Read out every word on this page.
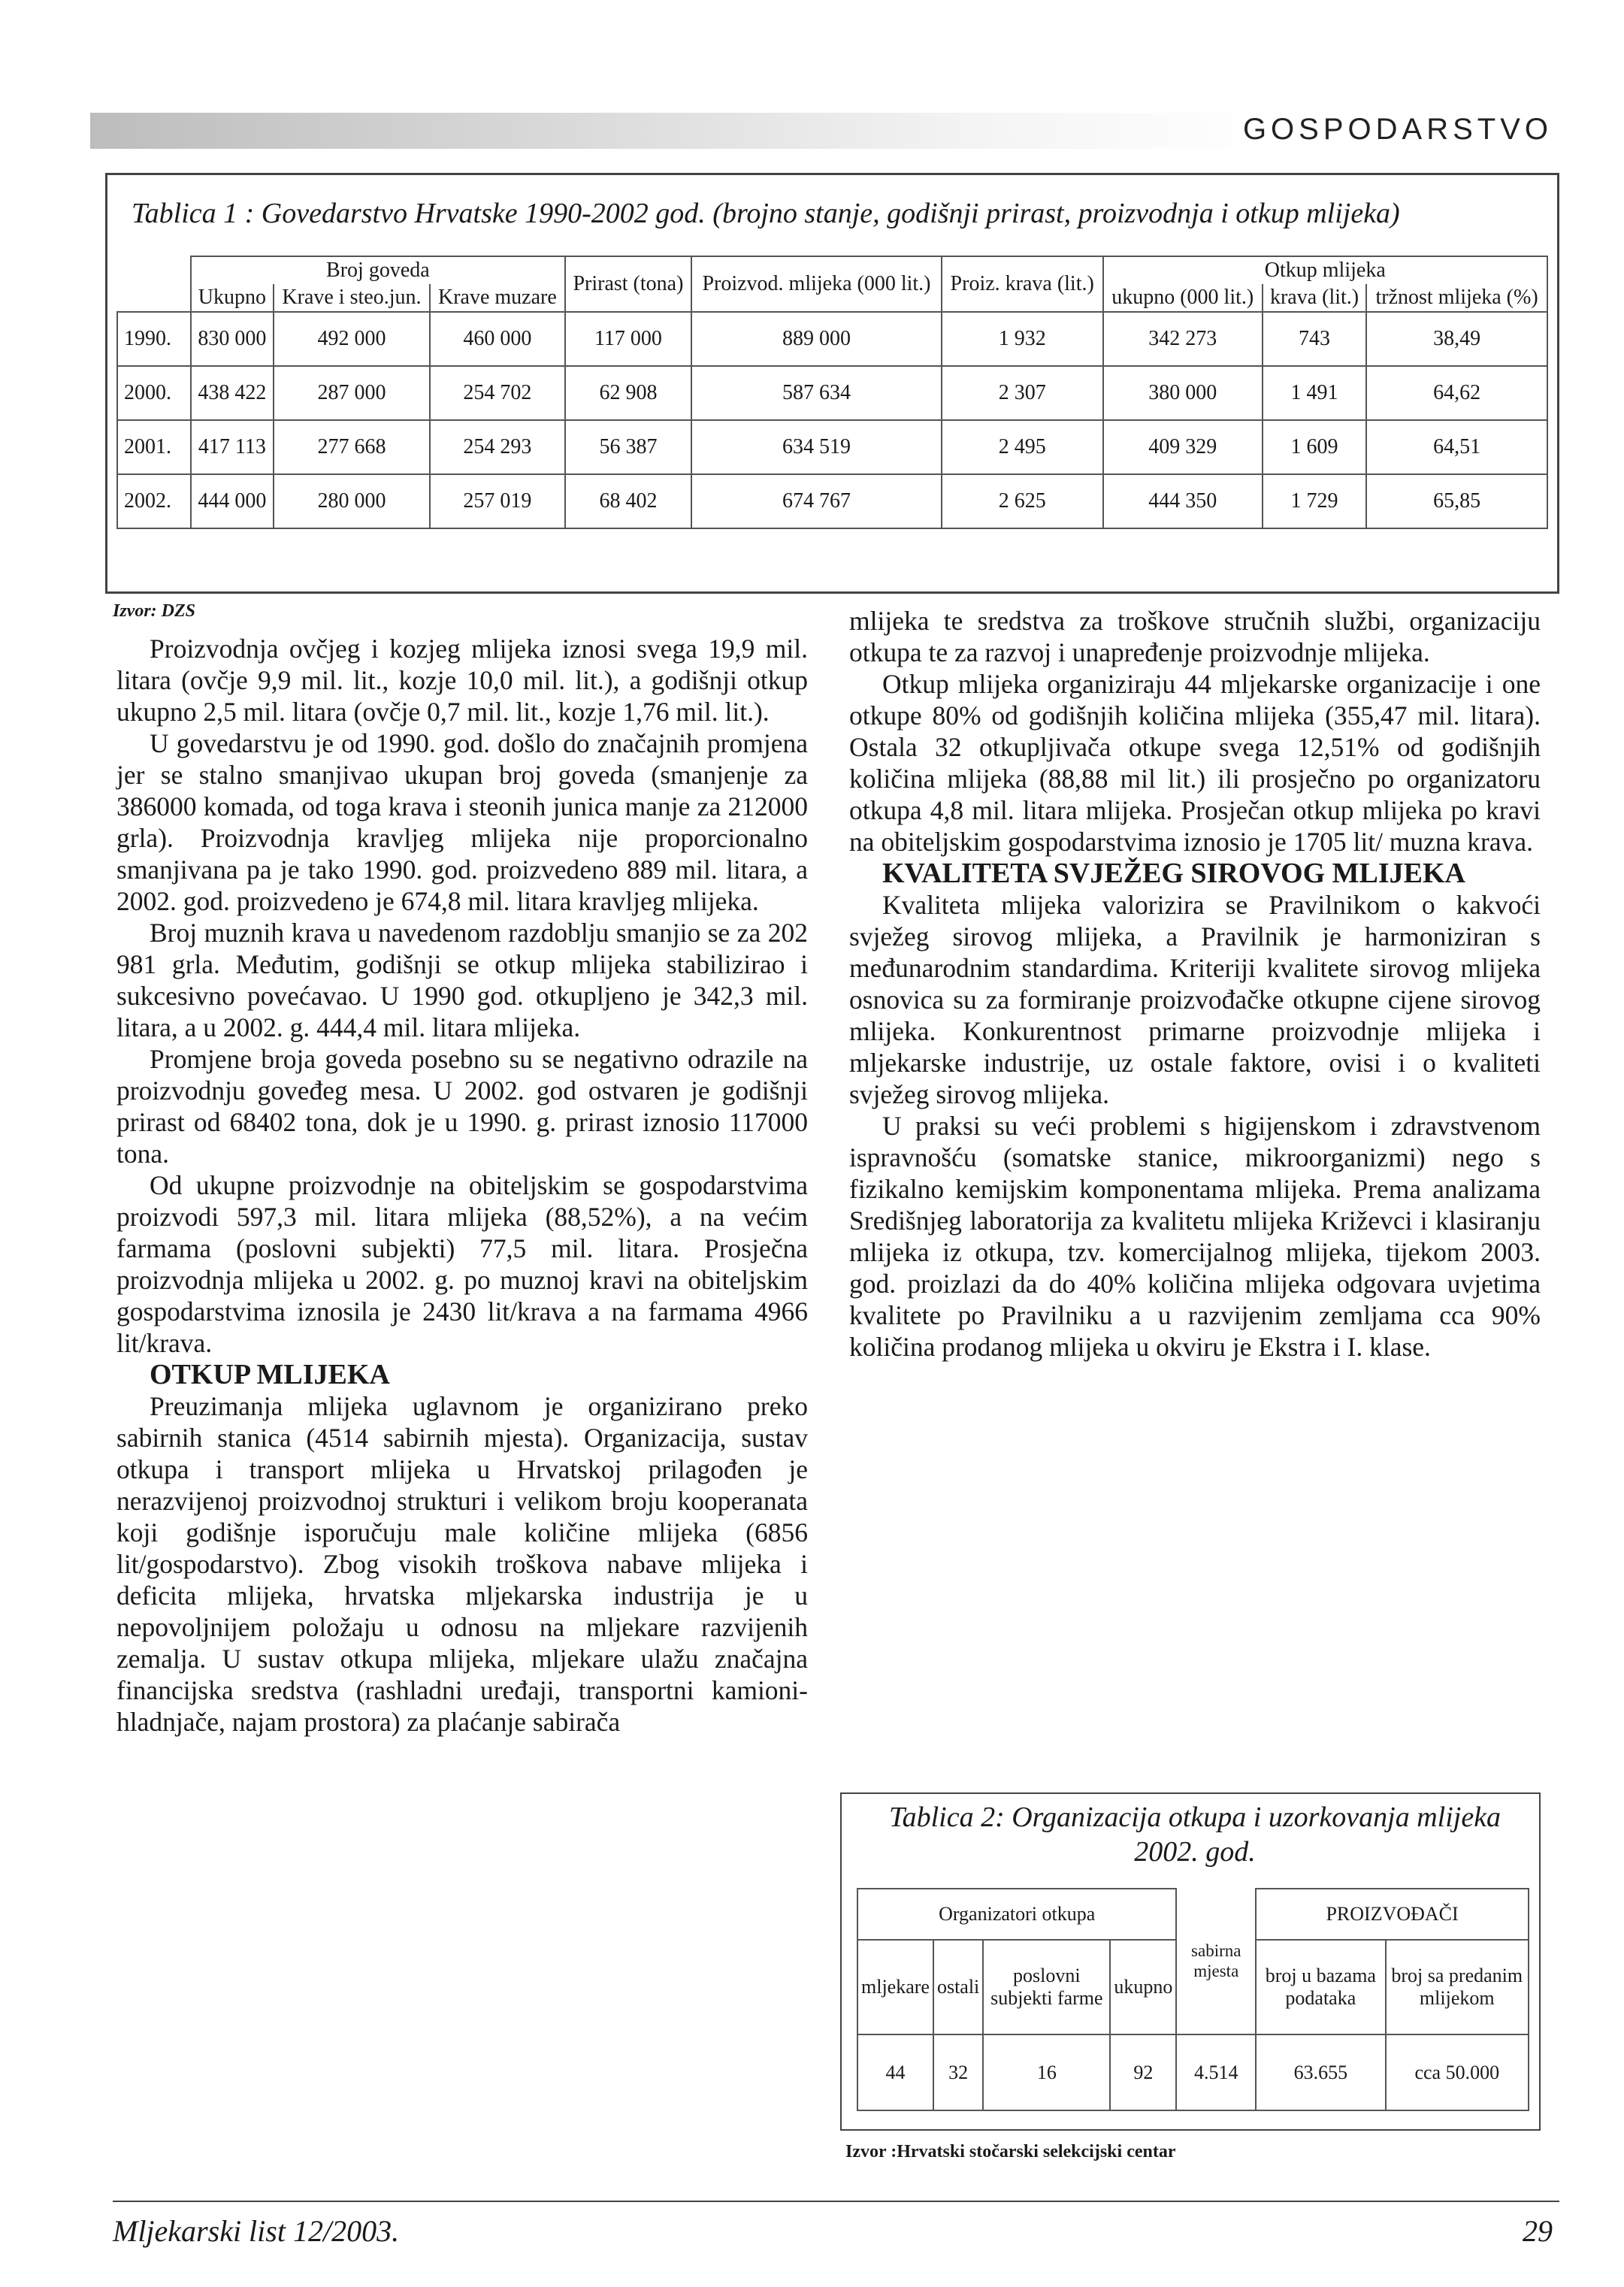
GOSPODARSTVO
Tablica 1 : Govedarstvo Hrvatske 1990-2002 god. (brojno stanje, godišnji prirast, proizvodnja i otkup mlijeka)
	Broj goveda			Prirast (tona)	Proizvod. mlijeka (000 lit.)	Proiz. krava (lit.)	Otkup mlijeka		
	Ukupno	Krave i steo.jun.	Krave muzare				ukupno (000 lit.)	krava (lit.)	tržnost mlijeka (%)
1990.	830 000	492 000	460 000	117 000	889 000	1 932	342 273	743	38,49
2000.	438 422	287 000	254 702	62 908	587 634	2 307	380 000	1 491	64,62
2001.	417 113	277 668	254 293	56 387	634 519	2 495	409 329	1 609	64,51
2002.	444 000	280 000	257 019	68 402	674 767	2 625	444 350	1 729	65,85
Izvor: DZS

Proizvodnja ovčjeg i kozjeg mlijeka iznosi svega 19,9 mil. litara (ovčje 9,9 mil. lit., kozje 10,0 mil. lit.), a godišnji otkup ukupno 2,5 mil. litara (ovčje 0,7 mil. lit., kozje 1,76 mil. lit.).

U govedarstvu je od 1990. god. došlo do značajnih promjena jer se stalno smanjivao ukupan broj goveda (smanjenje za 386000 komada, od toga krava i steonih junica manje za 212000 grla). Proizvodnja kravljeg mlijeka nije proporcionalno smanjivana pa je tako 1990. god. proizvedeno 889 mil. litara, a 2002. god. proizvedeno je 674,8 mil. litara kravljeg mlijeka.

Broj muznih krava u navedenom razdoblju smanjio se za 202 981 grla. Međutim, godišnji se otkup mlijeka stabilizirao i sukcesivno povećavao. U 1990 god. otkupljeno je 342,3 mil. litara, a u 2002. g. 444,4 mil. litara mlijeka.

Promjene broja goveda posebno su se negativno odrazile na proizvodnju goveđeg mesa. U 2002. god ostvaren je godišnji prirast od 68402 tona, dok je u 1990. g. prirast iznosio 117000 tona.

Od ukupne proizvodnje na obiteljskim se gospodarstvima proizvodi 597,3 mil. litara mlijeka (88,52%), a na većim farmama (poslovni subjekti) 77,5 mil. litara. Prosječna proizvodnja mlijeka u 2002. g. po muznoj kravi na obiteljskim gospodarstvima iznosila je 2430 lit/krava a na farmama 4966 lit/krava.

OTKUP MLIJEKA

Preuzimanja mlijeka uglavnom je organizirano preko sabirnih stanica (4514 sabirnih mjesta). Organizacija, sustav otkupa i transport mlijeka u Hrvatskoj prilagođen je nerazvijenoj proizvodnoj strukturi i velikom broju kooperanata koji godišnje isporučuju male količine mlijeka (6856 lit/gospodarstvo). Zbog visokih troškova nabave mlijeka i deficita mlijeka, hrvatska mljekarska industrija je u nepovoljnijem položaju u odnosu na mljekare razvijenih zemalja. U sustav otkupa mlijeka, mljekare ulažu značajna financijska sredstva (rashladni uređaji, transportni kamioni-hladnjače, najam prostora) za plaćanje sabirača

mlijeka te sredstva za troškove stručnih službi, organizaciju otkupa te za razvoj i unapređenje proizvodnje mlijeka.

Otkup mlijeka organiziraju 44 mljekarske organizacije i one otkupe 80% od godišnjih količina mlijeka (355,47 mil. litara). Ostala 32 otkupljivača otkupe svega 12,51% od godišnjih količina mlijeka (88,88 mil lit.) ili prosječno po organizatoru otkupa 4,8 mil. litara mlijeka. Prosječan otkup mlijeka po kravi na obiteljskim gospodarstvima iznosio je 1705 lit/ muzna krava.

KVALITETA SVJEŽEG SIROVOG MLIJEKA

Kvaliteta mlijeka valorizira se Pravilnikom o kakvoći svježeg sirovog mlijeka, a Pravilnik je harmoniziran s međunarodnim standardima. Kriteriji kvalitete sirovog mlijeka osnovica su za formiranje proizvođačke otkupne cijene sirovog mlijeka. Konkurentnost primarne proizvodnje mlijeka i mljekarske industrije, uz ostale faktore, ovisi i o kvaliteti svježeg sirovog mlijeka.

U praksi su veći problemi s higijenskom i zdravstvenom ispravnošću (somatske stanice, mikroorganizmi) nego s fizikalno kemijskim komponentama mlijeka. Prema analizama Središnjeg laboratorija za kvalitetu mlijeka Križevci i klasiranju mlijeka iz otkupa, tzv. komercijalnog mlijeka, tijekom 2003. god. proizlazi da do 40% količina mlijeka odgovara uvjetima kvalitete po Pravilniku a u razvijenim zemljama cca 90% količina prodanog mlijeka u okviru je Ekstra i I. klase.

Tablica 2: Organizacija otkupa i uzorkovanja mlijeka 2002. god.
Organizatori otkupa				sabirna mjesta	PROIZVOĐAČI	
mljekare	ostali	poslovni subjekti farme	ukupno		broj u bazama podataka	broj sa predanim mlijekom
44	32	16	92	4.514	63.655	cca 50.000
Izvor :Hrvatski stočarski selekcijski centar
Mljekarski list 12/2003.	29
